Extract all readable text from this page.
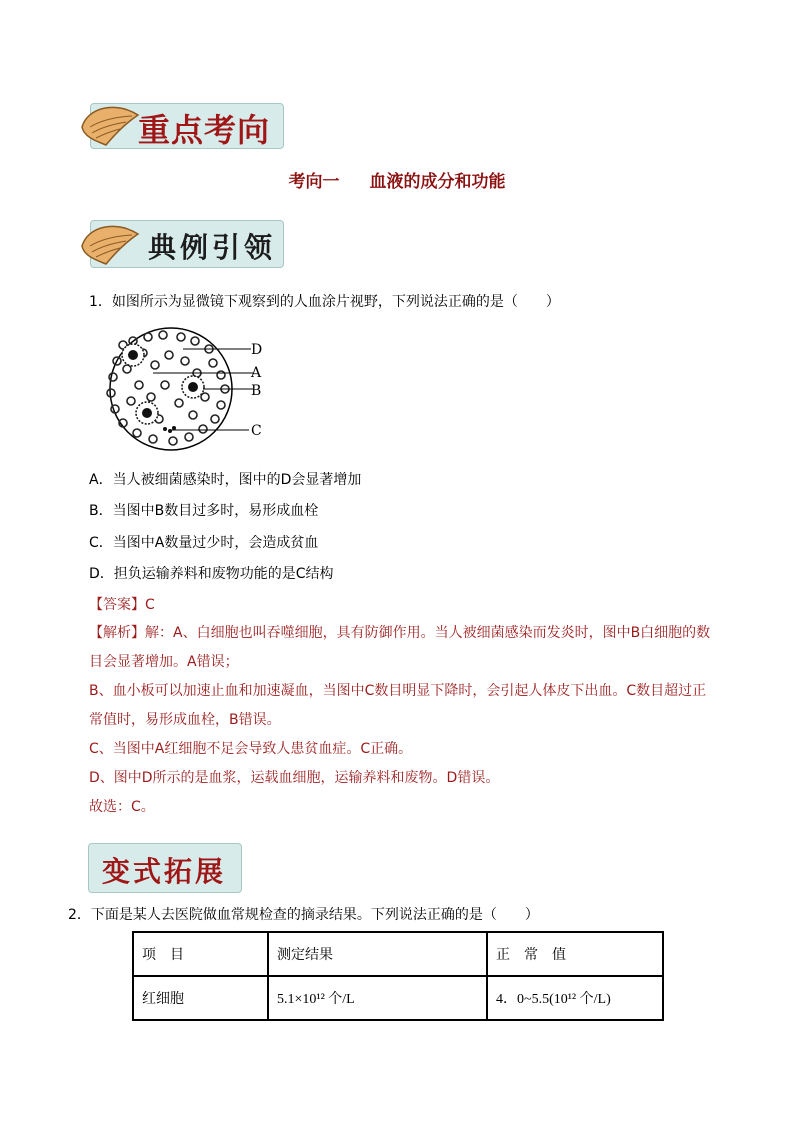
重点考向
考向一 血液的成分和功能
典例引领
1．如图所示为显微镜下观察到的人血涂片视野，下列说法正确的是（　　）
D
A
B
C
A．当人被细菌感染时，图中的D会显著增加
B．当图中B数目过多时，易形成血栓
C．当图中A数量过少时，会造成贫血
D．担负运输养料和废物功能的是C结构
【答案】C
【解析】解：A、白细胞也叫吞噬细胞，具有防御作用。当人被细菌感染而发炎时，图中B白细胞的数
目会显著增加。A错误；
B、血小板可以加速止血和加速凝血，当图中C数目明显下降时，会引起人体皮下出血。C数目超过正
常值时，易形成血栓，B错误。
C、当图中A红细胞不足会导致人患贫血症。C正确。
D、图中D所示的是血浆，运载血细胞，运输养料和废物。D错误。
故选：C。
变式拓展
2．下面是某人去医院做血常规检查的摘录结果。下列说法正确的是（　　）
项　目	测定结果	正　常　值
红细胞	5.1×10¹² 个/L	4．0~5.5(10¹² 个/L)
